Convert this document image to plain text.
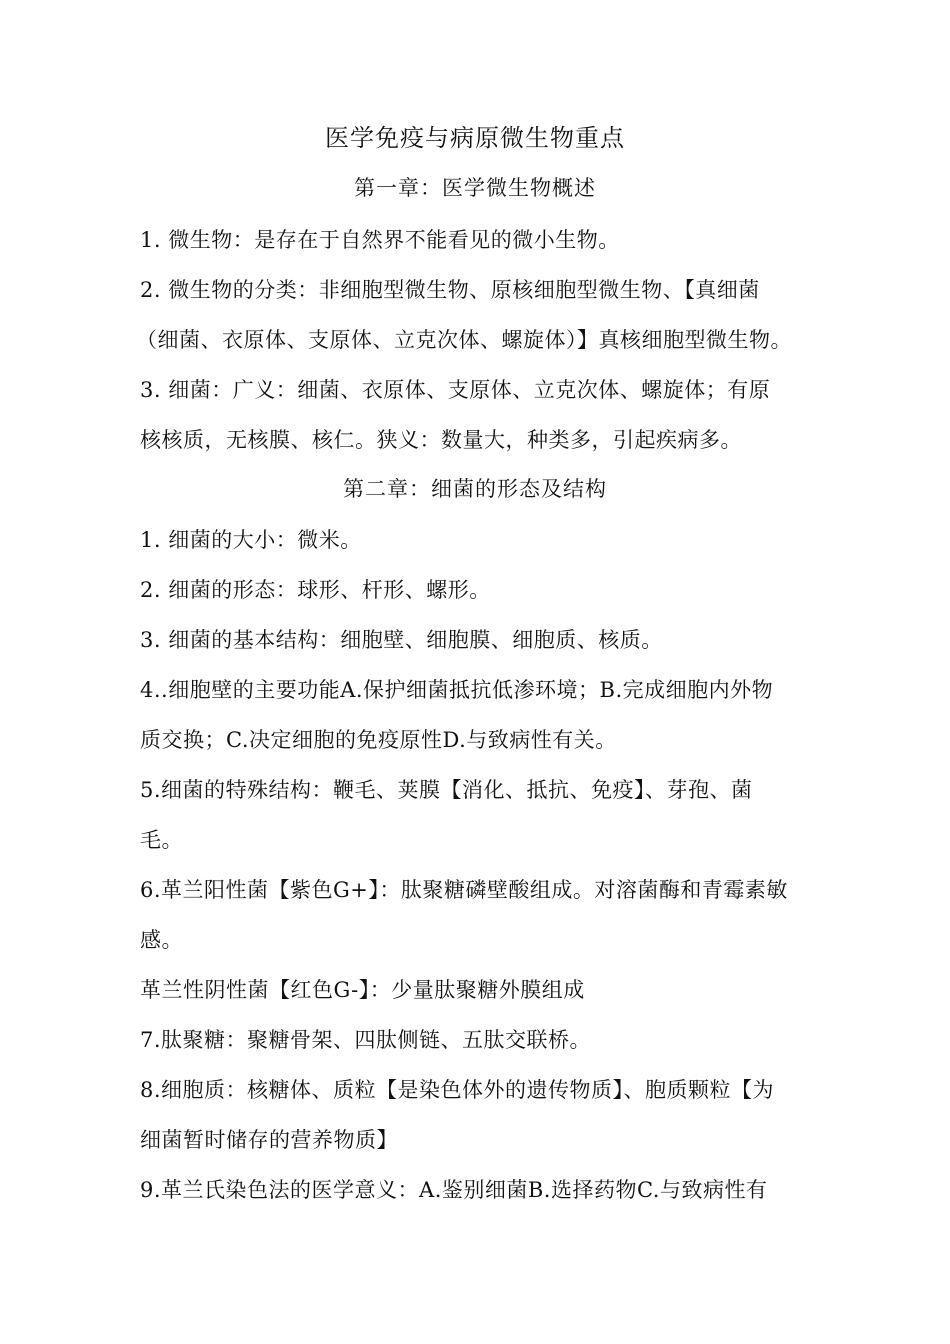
医学免疫与病原微生物重点
第一章：医学微生物概述
1. 微生物：是存在于自然界不能看见的微小生物。
2. 微生物的分类：非细胞型微生物、原核细胞型微生物、【真细菌
（细菌、衣原体、支原体、立克次体、螺旋体）】真核细胞型微生物。
3. 细菌：广义：细菌、衣原体、支原体、立克次体、螺旋体；有原
核核质，无核膜、核仁。狭义：数量大，种类多，引起疾病多。
第二章：细菌的形态及结构
1. 细菌的大小：微米。
2. 细菌的形态：球形、杆形、螺形。
3. 细菌的基本结构：细胞壁、细胞膜、细胞质、核质。
4..细胞壁的主要功能A.保护细菌抵抗低渗环境；B.完成细胞内外物
质交换；C.决定细胞的免疫原性D.与致病性有关。
5.细菌的特殊结构：鞭毛、荚膜【消化、抵抗、免疫】、芽孢、菌
毛。
6.革兰阳性菌【紫色G+】：肽聚糖磷壁酸组成。对溶菌酶和青霉素敏
感。
革兰性阴性菌【红色G-】：少量肽聚糖外膜组成
7.肽聚糖：聚糖骨架、四肽侧链、五肽交联桥。
8.细胞质：核糖体、质粒【是染色体外的遗传物质】、胞质颗粒【为
细菌暂时储存的营养物质】
9.革兰氏染色法的医学意义：A.鉴别细菌B.选择药物C.与致病性有
